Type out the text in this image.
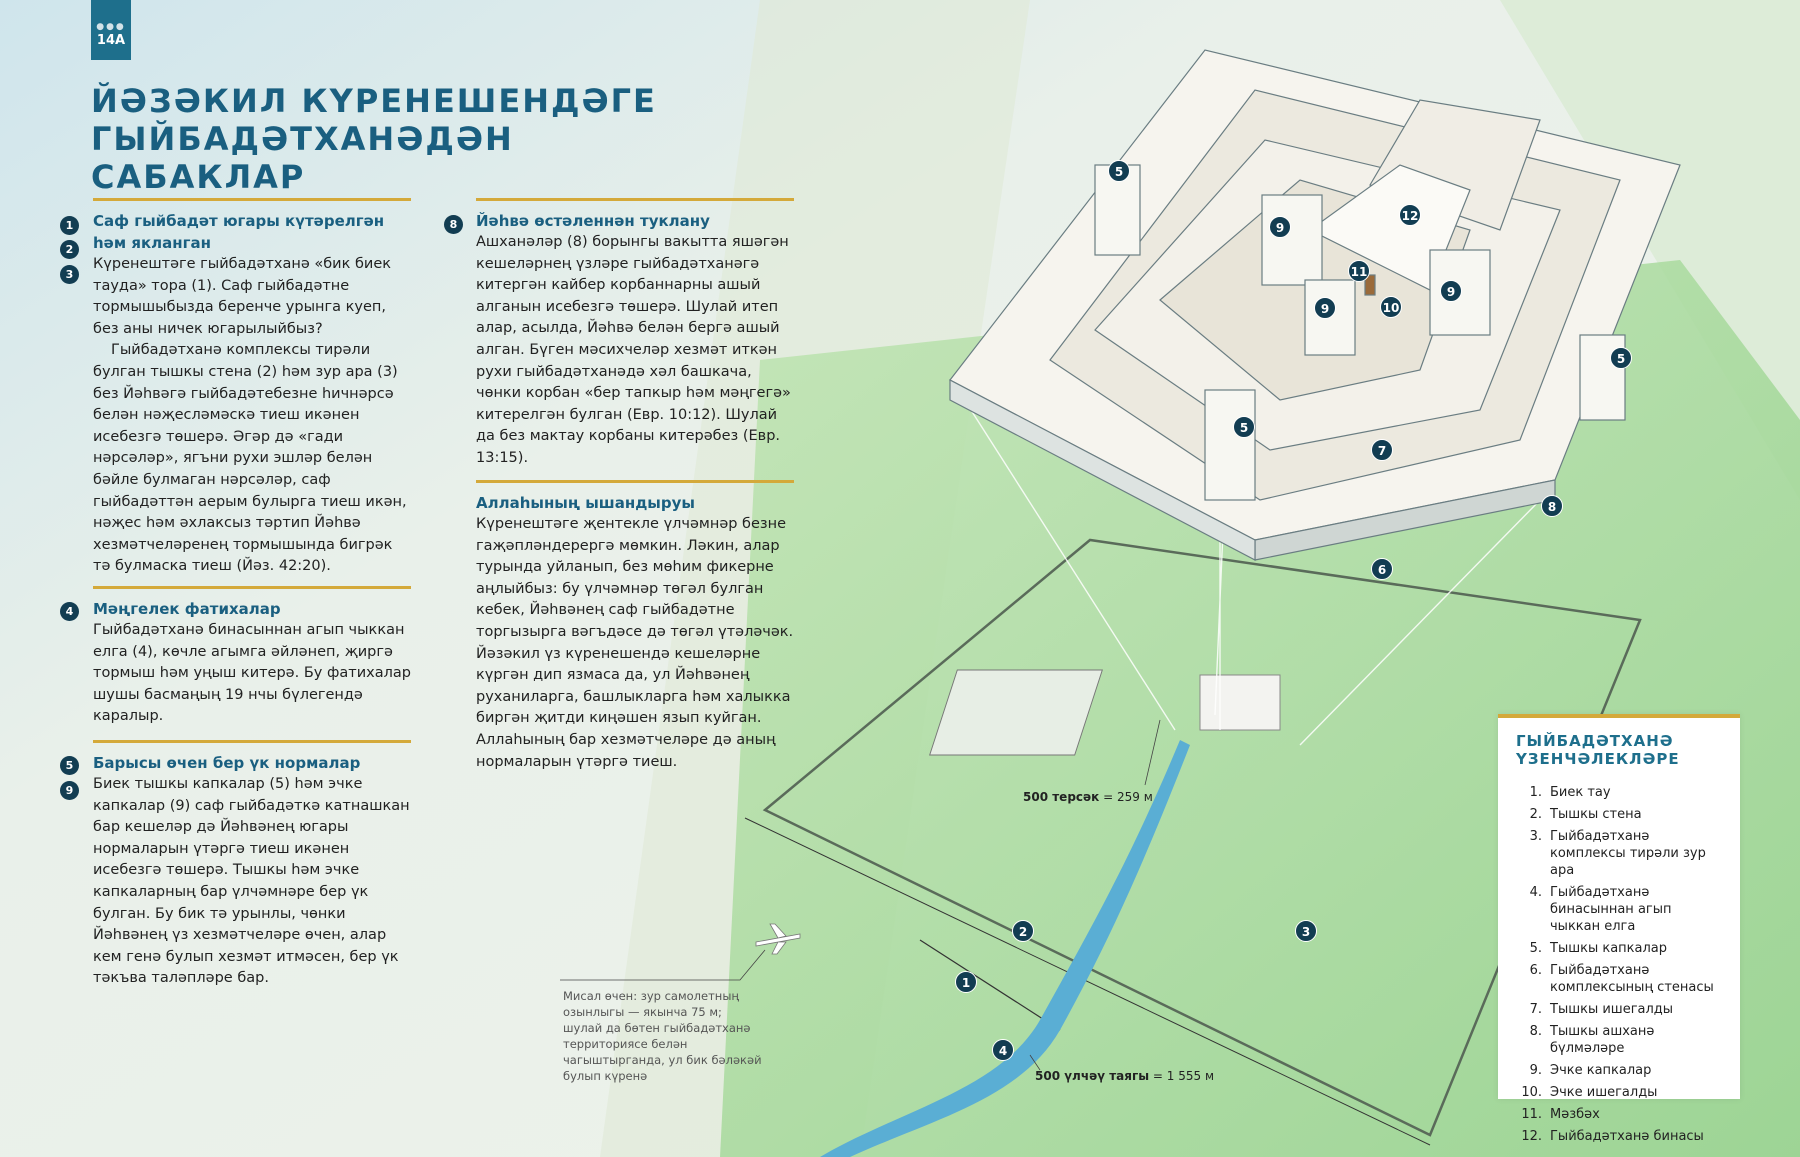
●●●
14A
ЙӘЗӘКИЛ КҮРЕНЕШЕНДӘГЕ
ГЫЙБАДӘТХАНӘДӘН САБАКЛАР

Саф гыйбадәт югары күтәрелгән һәм якланган

Күренештәге гыйбадәтханә «бик биек тауда» тора (1). Саф гыйбадәтне тормышыбызда беренче урынга куеп, без аны ничек югарылыйбыз?
Гыйбадәтханә комплексы тирәли булган тышкы стена (2) һәм зур ара (3) без Йәһвәгә гыйбадәтебезне һичнәрсә белән нәҗесләмәскә тиеш икәнен исебезгә төшерә. Әгәр дә «гади нәрсәләр», ягъни рухи эшләр белән бәйле булмаган нәрсәләр, саф гыйбадәттән аерым булырга тиеш икән, нәҗес һәм әхлаксыз тәртип Йәһвә хезмәтчеләренең тормышында бигрәк тә булмаска тиеш (Йәз. 42:20).

1
2
3

Мәңгелек фатихалар

Гыйбадәтханә бинасыннан агып чыккан елга (4), көчле агымга әйләнеп, җиргә тормыш һәм уңыш китерә. Бу фатихалар шушы басмаңың 19 нчы бүлегендә каралыр.

4

Барысы өчен бер үк нормалар

Биек тышкы капкалар (5) һәм эчке капкалар (9) саф гыйбадәткә катнашкан бар кешеләр дә Йәһвәнең югары нормаларын үтәргә тиеш икәнен исебезгә төшерә. Тышкы һәм эчке капкаларның бар үлчәмнәре бер үк булган. Бу бик тә урынлы, чөнки Йәһвәнең үз хезмәтчеләре өчен, алар кем генә булып хезмәт итмәсен, бер үк тәкъва таләпләре бар.

5
9

Йәһвә өстәленнән туклану

Ашханәләр (8) борынгы вакытта яшәгән кешеләрнең үзләре гыйбадәтханәгә китергән кайбер корбаннарны ашый алганын исебезгә төшерә. Шулай итеп алар, асылда, Йәһвә белән бергә ашый алган. Бүген мәсихчеләр хезмәт иткән рухи гыйбадәтханәдә хәл башкача, чөнки корбан «бер тапкыр һәм мәңгегә» китерелгән булган (Евр. 10:12). Шулай да без мактау корбаны китерәбез (Евр. 13:15).

8

Аллаһының ышандыруы

Күренештәге җентекле үлчәмнәр безне гаҗәпләндерергә мөмкин. Ләкин, алар турында уйланып, без мөһим фикерне аңлыйбыз: бу үлчәмнәр төгәл булган кебек, Йәһвәнең саф гыйбадәтне торгызырга вәгъдәсе дә төгәл үтәләчәк. Йәзәкил үз күренешендә кешеләрне күргән дип язмаса да, ул Йәһвәнең руханиларга, башлыкларга һәм халыкка биргән җитди киңәшен язып куйган. Аллаһының бар хезмәтчеләре дә аның нормаларын үтәргә тиеш.

12
5
9
11
9	10
9
5
5
7
8
6
2	3
1
4
500 терсәк = 259 м
500 үлчәү таягы = 1 555 м

Мисал өчен: зур самолетның озынлыгы — якынча 75 м; шулай да бөтен гыйбадәтханә территориясе белән чагыштырганда, ул бик бәләкәй булып күренә

ГЫЙБАДӘТХАНӘ ҮЗЕНЧӘЛЕКЛӘРЕ
1. Биек тау
2. Тышкы стена
3. Гыйбадәтханә комплексы тирәли зур ара
4. Гыйбадәтханә бинасыннан агып чыккан елга
5. Тышкы капкалар
6. Гыйбадәтханә комплексының стенасы
7. Тышкы ишегалды
8. Тышкы ашханә бүлмәләре
9. Эчке капкалар
10. Эчке ишегалды
11. Мәзбәх
12. Гыйбадәтханә бинасы
